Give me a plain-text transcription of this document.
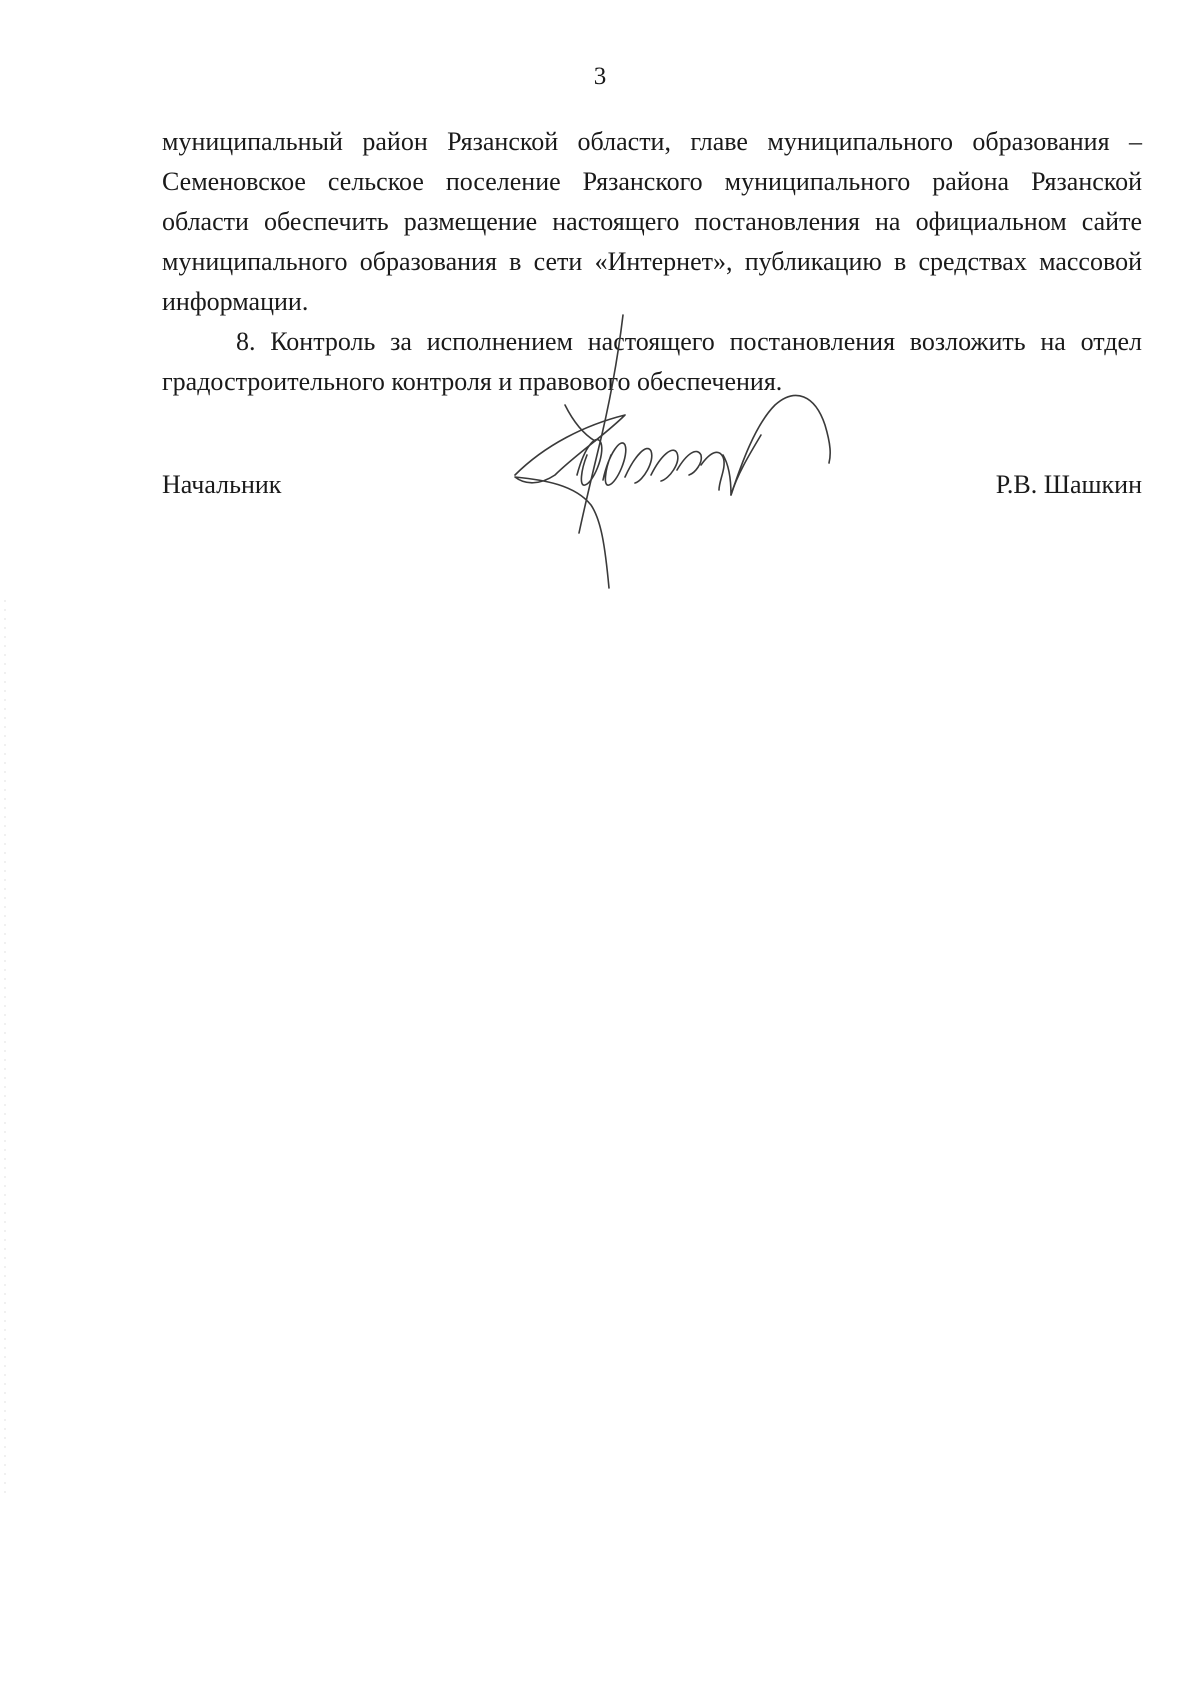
3

муниципальный район Рязанской области, главе муниципального образования – Семеновское сельское поселение Рязанского муниципального района Рязанской области обеспечить размещение настоящего постановления на официальном сайте муниципального образования в сети «Интернет», публикацию в средствах массовой информации.

8. Контроль за исполнением настоящего постановления возложить на отдел градостроительного контроля и правового обеспечения.

Начальник	Р.В. Шашкин
